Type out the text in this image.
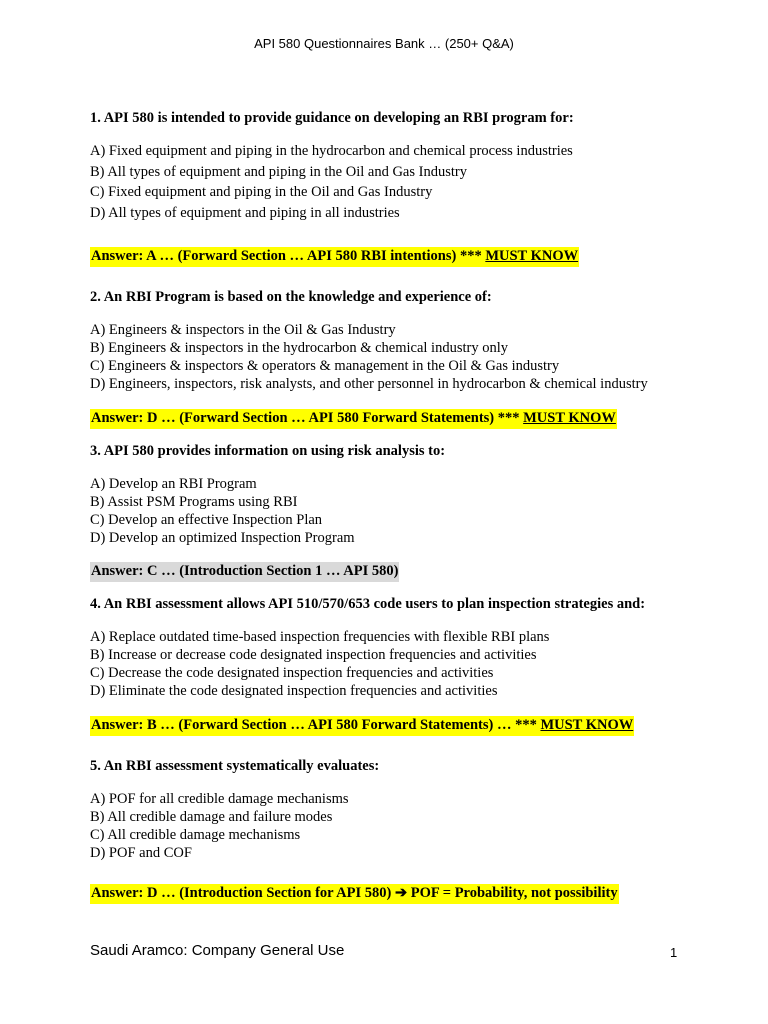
API 580 Questionnaires Bank … (250+ Q&A)
1. API 580 is intended to provide guidance on developing an RBI program for:
A) Fixed equipment and piping in the hydrocarbon and chemical process industries
B) All types of equipment and piping in the Oil and Gas Industry
C) Fixed equipment and piping in the Oil and Gas Industry
D) All types of equipment and piping in all industries
Answer: A … (Forward Section … API 580 RBI intentions) *** MUST KNOW
2. An RBI Program is based on the knowledge and experience of:
A) Engineers & inspectors in the Oil & Gas Industry
B) Engineers & inspectors in the hydrocarbon & chemical industry only
C) Engineers & inspectors & operators & management in the Oil & Gas industry
D) Engineers, inspectors, risk analysts, and other personnel in hydrocarbon & chemical industry
Answer: D … (Forward Section … API 580 Forward Statements) *** MUST KNOW
3. API 580 provides information on using risk analysis to:
A) Develop an RBI Program
B) Assist PSM Programs using RBI
C) Develop an effective Inspection Plan
D) Develop an optimized Inspection Program
Answer: C … (Introduction Section 1 … API 580)
4. An RBI assessment allows API 510/570/653 code users to plan inspection strategies and:
A) Replace outdated time-based inspection frequencies with flexible RBI plans
B) Increase or decrease code designated inspection frequencies and activities
C) Decrease the code designated inspection frequencies and activities
D) Eliminate the code designated inspection frequencies and activities
Answer: B … (Forward Section … API 580 Forward Statements) … *** MUST KNOW
5. An RBI assessment systematically evaluates:
A) POF for all credible damage mechanisms
B) All credible damage and failure modes
C) All credible damage mechanisms
D) POF and COF
Answer: D … (Introduction Section for API 580) ➔ POF = Probability, not possibility
Saudi Aramco: Company General Use	1
